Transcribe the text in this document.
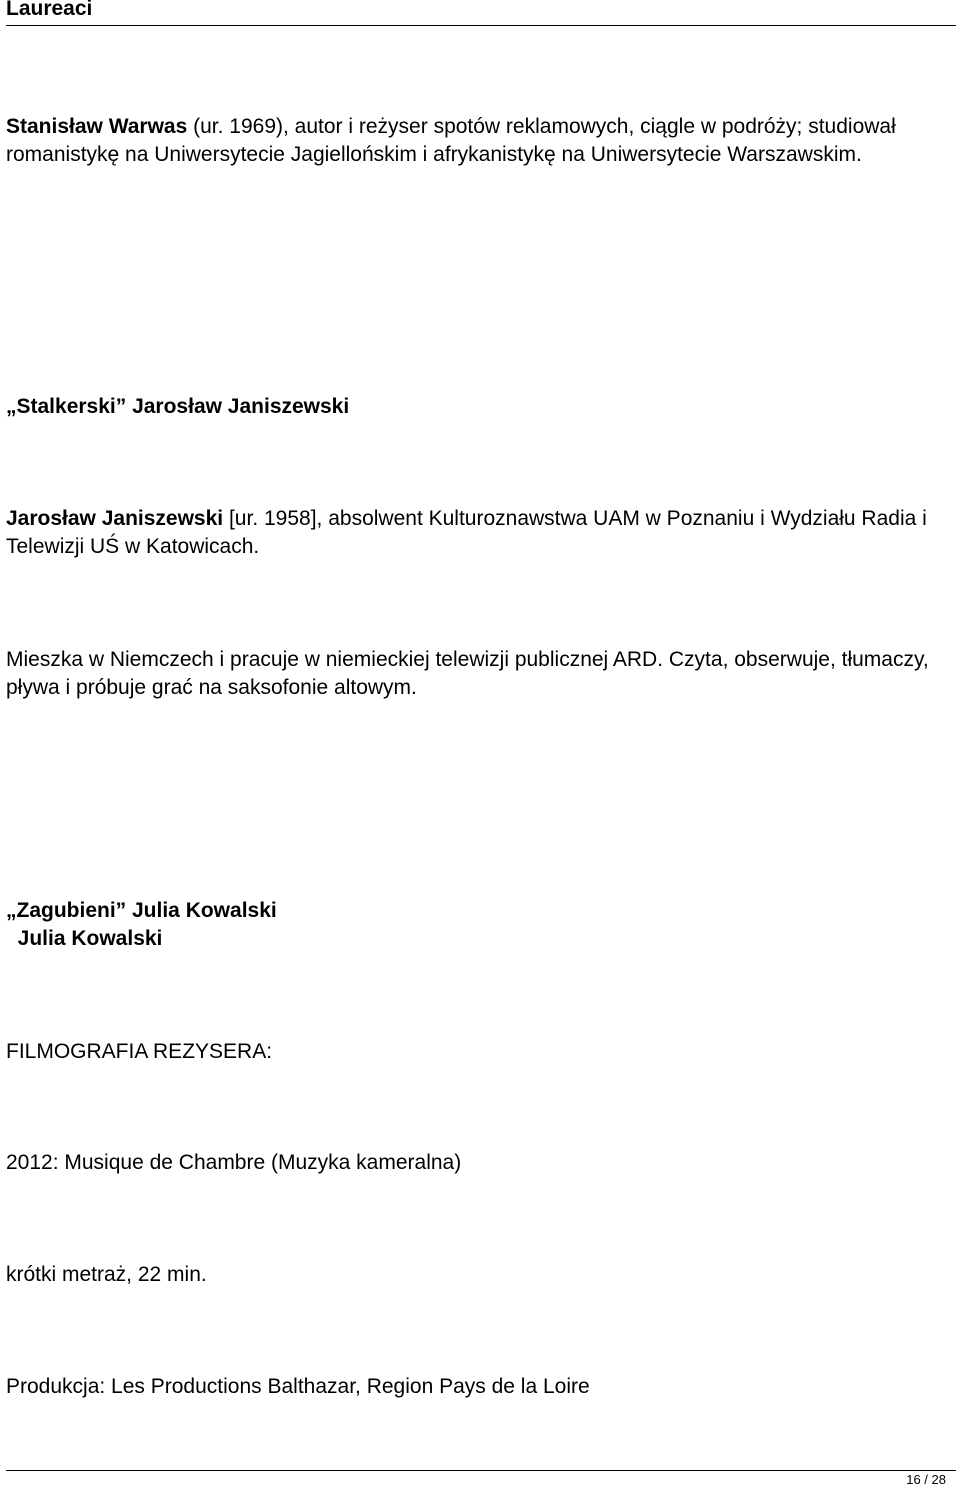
Laureaci

Stanisław Warwas (ur. 1969), autor i reżyser spotów reklamowych, ciągle w podróży; studiował romanistykę na Uniwersytecie Jagiellońskim i afrykanistykę na Uniwersytecie Warszawskim.

„Stalkerski” Jarosław Janiszewski

Jarosław Janiszewski [ur. 1958], absolwent Kulturoznawstwa UAM w Poznaniu i Wydziału Radia i Telewizji UŚ w Katowicach.

Mieszka w Niemczech i pracuje w niemieckiej telewizji publicznej ARD. Czyta, obserwuje, tłumaczy, pływa i próbuje grać na saksofonie altowym.

„Zagubieni” Julia Kowalski

Julia Kowalski

FILMOGRAFIA REZYSERA:

2012: Musique de Chambre (Muzyka kameralna)

krótki metraż, 22 min.

Produkcja: Les Productions Balthazar, Region Pays de la Loire

16 / 28
